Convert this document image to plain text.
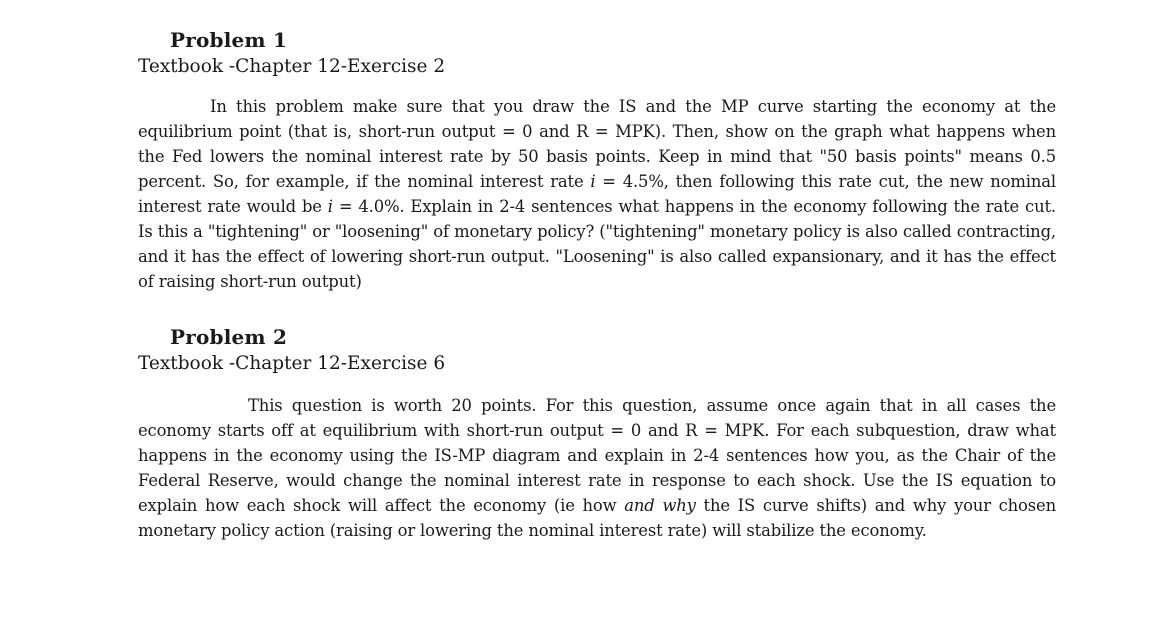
Problem 1

Textbook -Chapter 12-Exercise 2

In this problem make sure that you draw the IS and the MP curve starting the economy at the equilibrium point (that is, short-run output = 0 and R = MPK). Then, show on the graph what happens when the Fed lowers the nominal interest rate by 50 basis points. Keep in mind that "50 basis points" means 0.5 percent. So, for example, if the nominal interest rate i = 4.5%, then following this rate cut, the new nominal interest rate would be i = 4.0%. Explain in 2-4 sentences what happens in the economy following the rate cut. Is this a "tightening" or "loosening" of monetary policy? ("tightening" monetary policy is also called contracting, and it has the effect of lowering short-run output. "Loosening" is also called expansionary, and it has the effect of raising short-run output)

Problem 2

Textbook -Chapter 12-Exercise 6

This question is worth 20 points. For this question, assume once again that in all cases the economy starts off at equilibrium with short-run output = 0 and R = MPK. For each subquestion, draw what happens in the economy using the IS-MP diagram and explain in 2-4 sentences how you, as the Chair of the Federal Reserve, would change the nominal interest rate in response to each shock. Use the IS equation to explain how each shock will affect the economy (ie how and why the IS curve shifts) and why your chosen monetary policy action (raising or lowering the nominal interest rate) will stabilize the economy.
